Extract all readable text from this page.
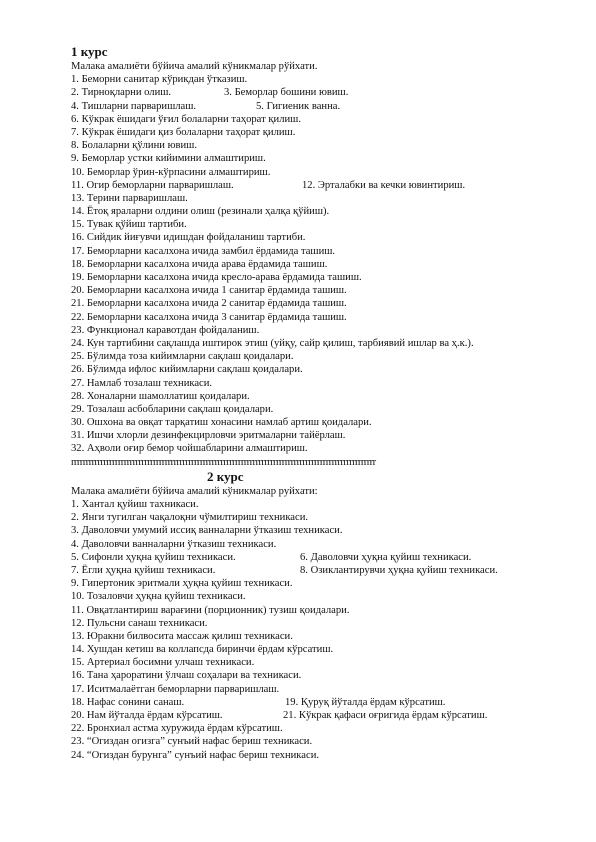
1 курс
Малака амалиёти бўйича амалий кўникмалар рўйхати.
1. Беморни санитар кўрикдан ўтказиш.
2. Тирноқларни олиш.	3. Беморлар бошини ювиш.
4. Тишларни парваришлаш.	5. Гигиеник ванна.
6. Кўкрак ёшидаги ўғил болаларни таҳорат қилиш.
7. Кўкрак ёшидаги қиз болаларни таҳорат қилиш.
8. Болаларни қўлини ювиш.
9. Беморлар устки кийимини алмаштириш.
10. Беморлар ўрин-кўрпасини алмаштириш.
11. Огир беморларни парваришлаш.	12. Эрталабки ва кечки ювинтириш.
13. Терини парваришлаш.
14. Ётоқ яраларни олдини олиш (резинали ҳалқа қўйиш).
15. Тувак қўйиш тартиби.
16. Сийдик йиғувчи идишдан фойдаланиш тартиби.
17. Беморларни касалхона ичида замбил ёрдамида ташиш.
18. Беморларни касалхона ичида арава ёрдамида ташиш.
19. Беморларни касалхона ичида кресло-арава ёрдамида ташиш.
20. Беморларни касалхона ичида 1 санитар ёрдамида ташиш.
21. Беморларни касалхона ичида 2 санитар ёрдамида ташиш.
22. Беморларни касалхона ичида 3 санитар ёрдамида ташиш.
23. Функционал каравотдан фойдаланиш.
24. Кун тартибини сақлашда иштирок этиш (уйқу, сайр қилиш, тарбиявий ишлар ва ҳ.к.).
25. Бўлимда тоза кийимларни сақлаш қоидалари.
26. Бўлимда ифлос кийимларни сақлаш қоидалари.
27. Намлаб тозалаш техникаси.
28. Хоналарни шамоллатиш қоидалари.
29. Тозалаш асбобларини сақлаш қоидалари.
30. Ошхона ва овқат тарқатиш хонасини намлаб артиш қоидалари.
31. Ишчи хлорли дезинфекцирловчи эритмаларни тайёрлаш.
32. Аҳволи оғир бемор чойшабларини алмаштириш.
rrrrrrrrrrrrrrrrrrrrrrrrrrrrrrrrrrrrrrrrrrrrrrrrrrrrrrrrrrrrrrrrrrrrrrrrrrrrrrrrrrrrrrrrrrrrrrrrrrrrrrrr
2 курс
Малака амалиёти бўйича амалий кўникмалар руйхати:
1. Хантал қуйиш тахникаси.
2. Янги тугилган чақалоқни чўмилтириш техникаси.
3. Даволовчи умумий иссиқ ванналарни ўтказиш техникаси.
4. Даволовчи ванналарни ўтказиш техникаси.
5. Сифонли ҳуқна қуйиш техникаси.	6. Даволовчи ҳуқна қуйиш техникаси.
7. Ёгли ҳуқна қуйиш техникаси.	8. Озиклантирувчи ҳуқна қуйиш техникаси.
9. Гипертоник эритмали ҳуқна қуйиш техникаси.
10. Тозаловчи ҳуқна қуйиш техникаси.
11. Овқатлантириш варағини (порционник) тузиш қоидалари.
12. Пульсни санаш техникаси.
13. Юракни билвосита массаж қилиш техникаси.
14. Хушдан кетиш ва коллапсда биринчи ёрдам кўрсатиш.
15. Артериал босимни улчаш техникаси.
16. Тана ҳароратини ўлчаш соҳалари ва техникаси.
17. Иситмалаётган беморларни парваришлаш.
18. Нафас сонини санаш.	19. Қуруқ йўталда ёрдам кўрсатиш.
20. Нам йўталда ёрдам кўрсатиш.	21. Кўкрак қафаси оғригида ёрдам кўрсатиш.
22. Бронхиал астма хуружида ёрдам кўрсатиш.
23. “Огиздан огизга” сунъий нафас бериш техникаси.
24. “Огиздан бурунга” сунъий нафас бериш техникаси.
